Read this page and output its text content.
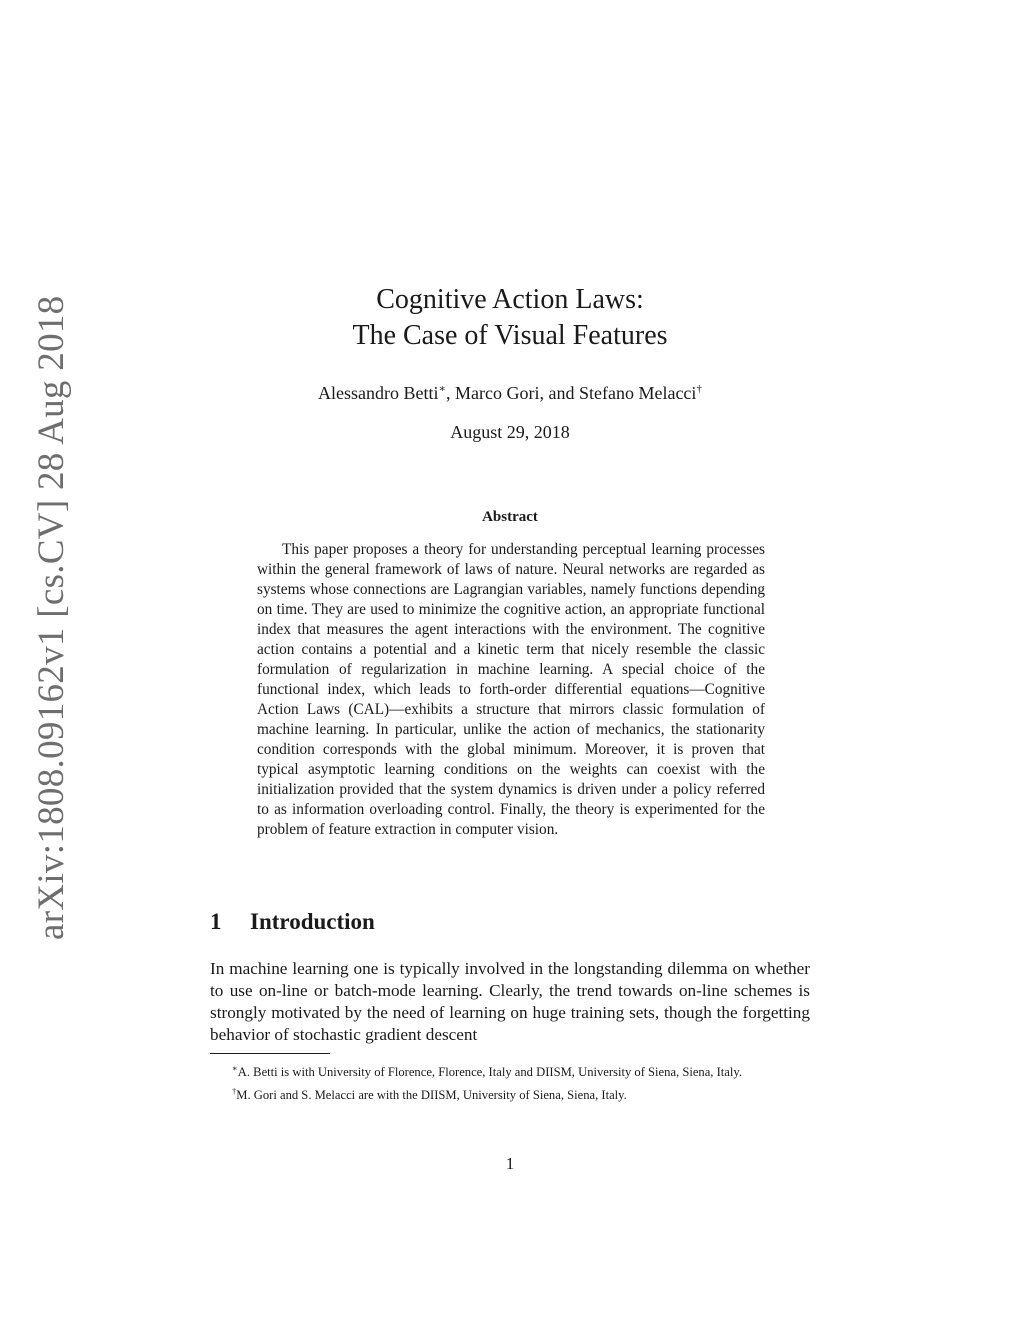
arXiv:1808.09162v1 [cs.CV] 28 Aug 2018	Cognitive Action Laws:
The Case of Visual Features
Alessandro Betti∗, Marco Gori, and Stefano Melacci†
August 29, 2018
Abstract

This paper proposes a theory for understanding perceptual learning processes within the general framework of laws of nature. Neural networks are regarded as systems whose connections are Lagrangian variables, namely functions depending on time. They are used to minimize the cognitive action, an appropriate functional index that measures the agent interactions with the environment. The cognitive action contains a potential and a kinetic term that nicely resemble the classic formulation of regularization in machine learning. A special choice of the functional index, which leads to forth-order differential equations—Cognitive Action Laws (CAL)—exhibits a structure that mirrors classic formulation of machine learning. In particular, unlike the action of mechanics, the stationarity condition corresponds with the global minimum. Moreover, it is proven that typical asymptotic learning conditions on the weights can coexist with the initialization provided that the system dynamics is driven under a policy referred to as information overloading control. Finally, the theory is experimented for the problem of feature extraction in computer vision.

1 Introduction

In machine learning one is typically involved in the longstanding dilemma on whether to use on-line or batch-mode learning. Clearly, the trend towards on-line schemes is strongly motivated by the need of learning on huge training sets, though the forgetting behavior of stochastic gradient descent

∗A. Betti is with University of Florence, Florence, Italy and DIISM, University of Siena, Siena, Italy.

†M. Gori and S. Melacci are with the DIISM, University of Siena, Siena, Italy.

1
